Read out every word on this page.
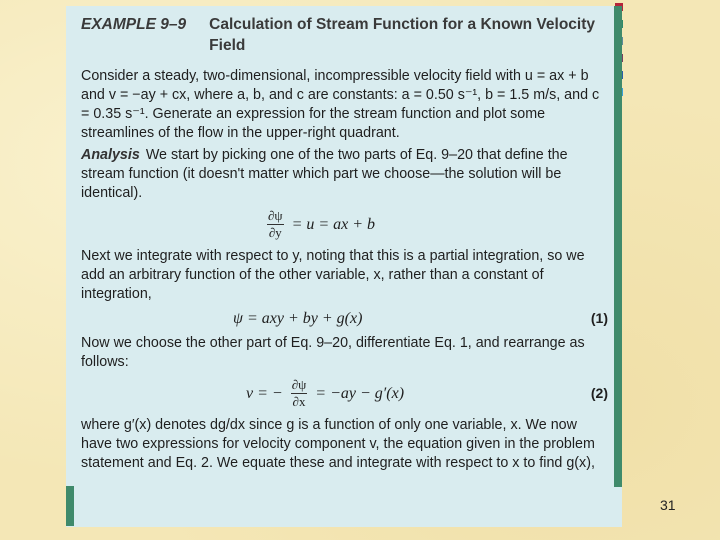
EXAMPLE 9–9	Calculation of Stream Function for a Known Velocity Field

Consider a steady, two-dimensional, incompressible velocity field with u = ax + b and v = −ay + cx, where a, b, and c are constants: a = 0.50 s⁻¹, b = 1.5 m/s, and c = 0.35 s⁻¹. Generate an expression for the stream function and plot some streamlines of the flow in the upper-right quadrant.

Analysis We start by picking one of the two parts of Eq. 9–20 that define the stream function (it doesn't matter which part we choose—the solution will be identical).

$\frac{\partial\psi}{\partial y} = u$ = ax + b

Next we integrate with respect to y, noting that this is a partial integration, so we add an arbitrary function of the other variable, x, rather than a constant of integration,

ψ = axy + by + g(x)	(1)

Now we choose the other part of Eq. 9–20, differentiate Eq. 1, and rearrange as follows:

v = − $\frac{\partial\psi}{\partial x} = -ay - g'(x)$	(2)

where g′(x) denotes dg/dx since g is a function of only one variable, x. We now have two expressions for velocity component v, the equation given in the problem statement and Eq. 2. We equate these and integrate with respect to x to find g(x),

31
